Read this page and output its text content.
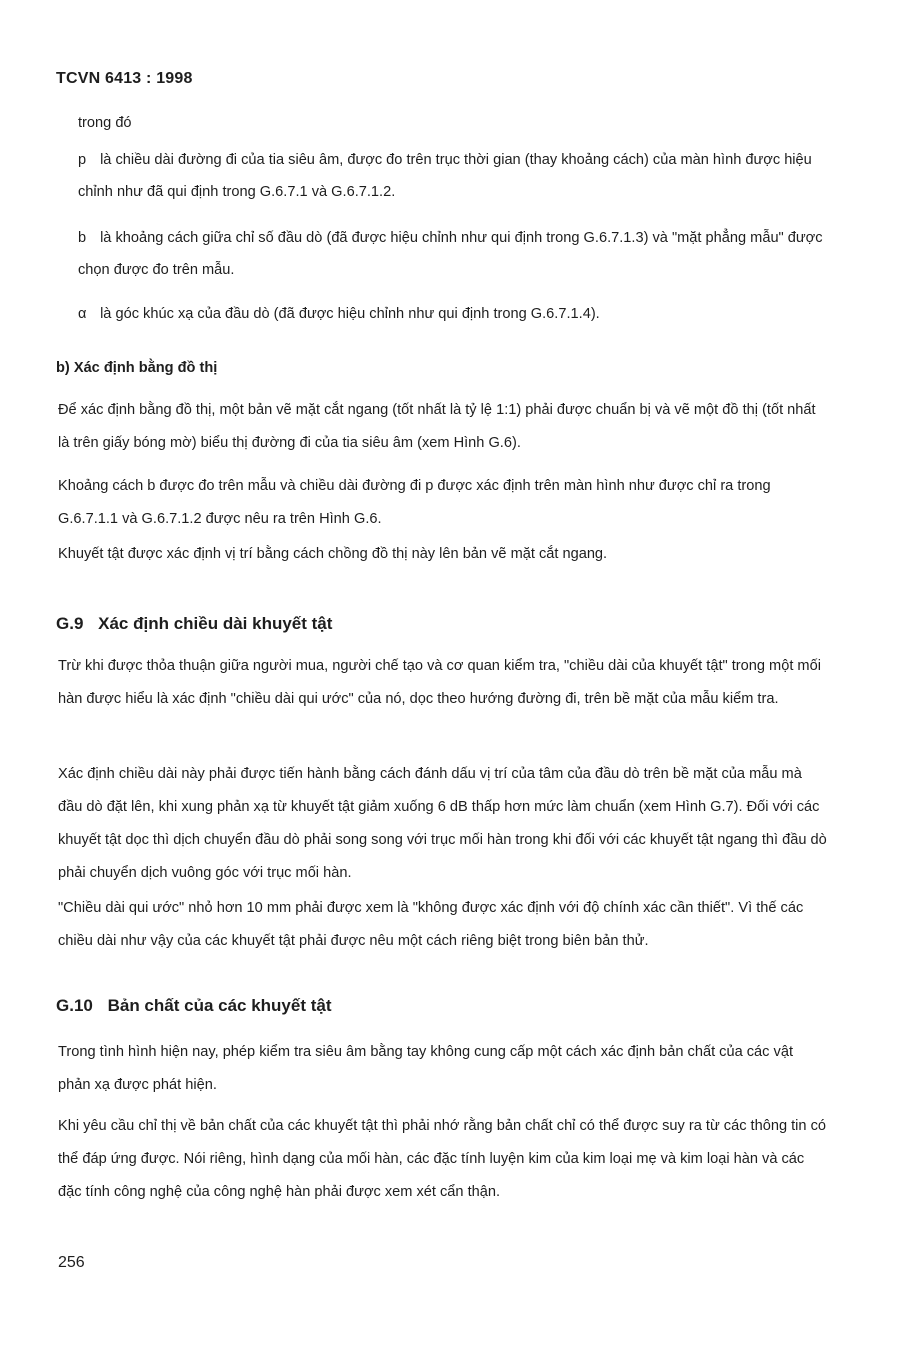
TCVN 6413 : 1998

trong đó

p là chiều dài đường đi của tia siêu âm, được đo trên trục thời gian (thay khoảng cách) của màn hình được hiệu chỉnh như đã qui định trong G.6.7.1 và G.6.7.1.2.

b là khoảng cách giữa chỉ số đầu dò (đã được hiệu chỉnh như qui định trong G.6.7.1.3) và "mặt phẳng mẫu" được chọn được đo trên mẫu.

α là góc khúc xạ của đầu dò (đã được hiệu chỉnh như qui định trong G.6.7.1.4).

b) Xác định bằng đồ thị

Để xác định bằng đồ thị, một bản vẽ mặt cắt ngang (tốt nhất là tỷ lệ 1:1) phải được chuẩn bị và vẽ một đồ thị (tốt nhất là trên giấy bóng mờ) biểu thị đường đi của tia siêu âm (xem Hình G.6).

Khoảng cách b được đo trên mẫu và chiều dài đường đi p được xác định trên màn hình như được chỉ ra trong G.6.7.1.1 và G.6.7.1.2 được nêu ra trên Hình G.6.

Khuyết tật được xác định vị trí bằng cách chồng đồ thị này lên bản vẽ mặt cắt ngang.

G.9 Xác định chiều dài khuyết tật

Trừ khi được thỏa thuận giữa người mua, người chế tạo và cơ quan kiểm tra, "chiều dài của khuyết tật" trong một mối hàn được hiểu là xác định "chiều dài qui ước" của nó, dọc theo hướng đường đi, trên bề mặt của mẫu kiểm tra.

Xác định chiều dài này phải được tiến hành bằng cách đánh dấu vị trí của tâm của đầu dò trên bề mặt của mẫu mà đầu dò đặt lên, khi xung phản xạ từ khuyết tật giảm xuống 6 dB thấp hơn mức làm chuẩn (xem Hình G.7). Đối với các khuyết tật dọc thì dịch chuyển đầu dò phải song song với trục mối hàn trong khi đối với các khuyết tật ngang thì đầu dò phải chuyển dịch vuông góc với trục mối hàn.

"Chiều dài qui ước" nhỏ hơn 10 mm phải được xem là "không được xác định với độ chính xác cần thiết". Vì thế các chiều dài như vậy của các khuyết tật phải được nêu một cách riêng biệt trong biên bản thử.

G.10 Bản chất của các khuyết tật

Trong tình hình hiện nay, phép kiểm tra siêu âm bằng tay không cung cấp một cách xác định bản chất của các vật phản xạ được phát hiện.

Khi yêu cầu chỉ thị về bản chất của các khuyết tật thì phải nhớ rằng bản chất chỉ có thể được suy ra từ các thông tin có thể đáp ứng được. Nói riêng, hình dạng của mối hàn, các đặc tính luyện kim của kim loại mẹ và kim loại hàn và các đặc tính công nghệ của công nghệ hàn phải được xem xét cẩn thận.

256
